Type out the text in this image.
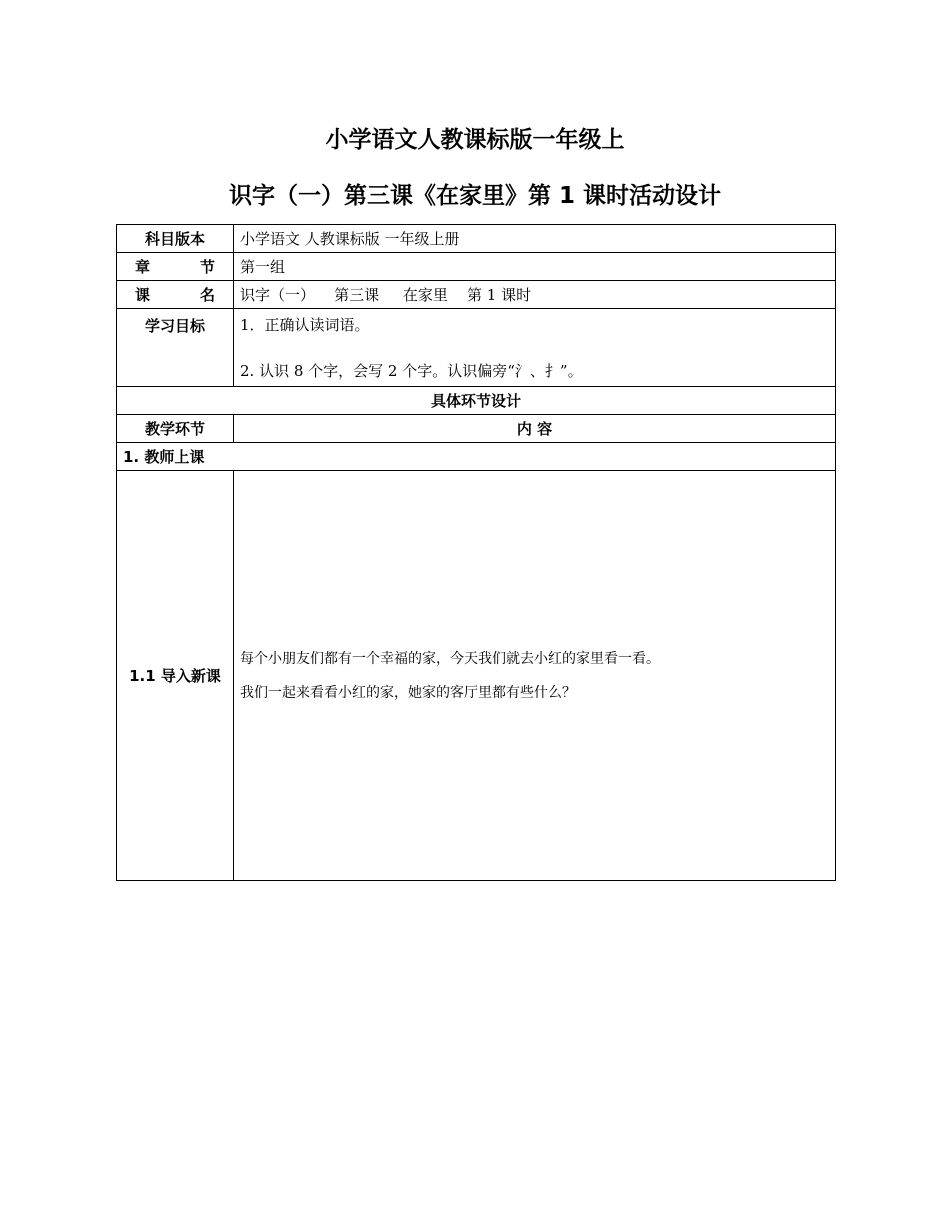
小学语文人教课标版一年级上
识字（一）第三课《在家里》第 1 课时活动设计
科目版本	小学语文 人教课标版 一年级上册
章 节	第一组
课 名	识字（一）    第三课     在家里    第 1 课时
学习目标	1．正确认读词语。
2. 认识 8 个字，会写 2 个字。认识偏旁“氵、扌”。

具体环节设计	
教学环节	内 容
1. 教师上课	
1.1 导入新课	每个小朋友们都有一个幸福的家，今天我们就去小红的家里看一看。
我们一起来看看小红的家，她家的客厅里都有些什么？
